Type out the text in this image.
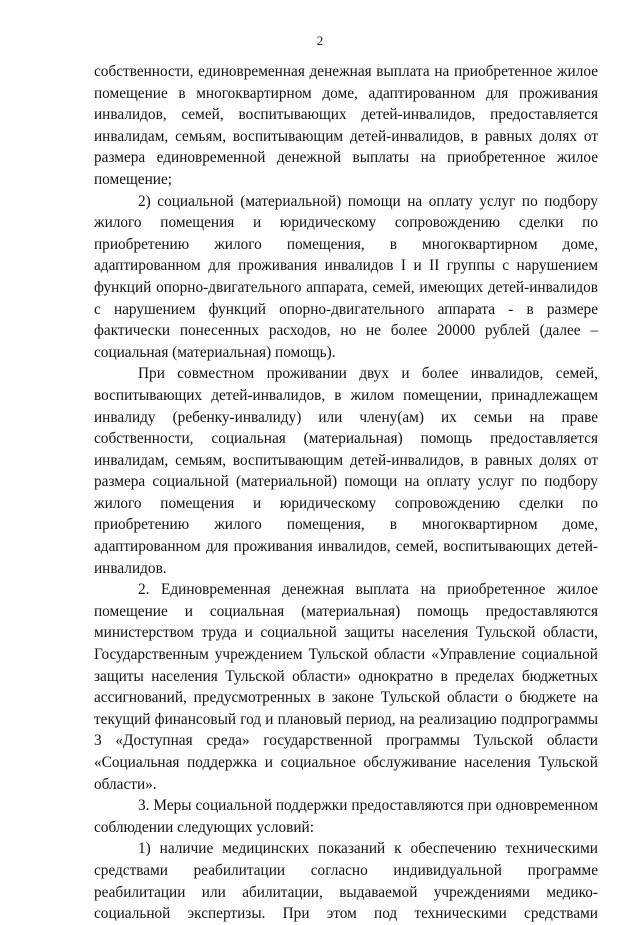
2

собственности, единовременная денежная выплата на приобретенное жилое помещение в многоквартирном доме, адаптированном для проживания инвалидов, семей, воспитывающих детей-инвалидов, предоставляется инвалидам, семьям, воспитывающим детей-инвалидов, в равных долях от размера единовременной денежной выплаты на приобретенное жилое помещение;

2) социальной (материальной) помощи на оплату услуг по подбору жилого помещения и юридическому сопровождению сделки по приобретению жилого помещения, в многоквартирном доме, адаптированном для проживания инвалидов I и II группы с нарушением функций опорно-двигательного аппарата, семей, имеющих детей-инвалидов с нарушением функций опорно-двигательного аппарата - в размере фактически понесенных расходов, но не более 20000 рублей (далее – социальная (материальная) помощь).

При совместном проживании двух и более инвалидов, семей, воспитывающих детей-инвалидов, в жилом помещении, принадлежащем инвалиду (ребенку-инвалиду) или члену(ам) их семьи на праве собственности, социальная (материальная) помощь предоставляется инвалидам, семьям, воспитывающим детей-инвалидов, в равных долях от размера социальной (материальной) помощи на оплату услуг по подбору жилого помещения и юридическому сопровождению сделки по приобретению жилого помещения, в многоквартирном доме, адаптированном для проживания инвалидов, семей, воспитывающих детей-инвалидов.

2. Единовременная денежная выплата на приобретенное жилое помещение и социальная (материальная) помощь предоставляются министерством труда и социальной защиты населения Тульской области, Государственным учреждением Тульской области «Управление социальной защиты населения Тульской области» однократно в пределах бюджетных ассигнований, предусмотренных в законе Тульской области о бюджете на текущий финансовый год и плановый период, на реализацию подпрограммы 3 «Доступная среда» государственной программы Тульской области «Социальная поддержка и социальное обслуживание населения Тульской области».

3. Меры социальной поддержки предоставляются при одновременном соблюдении следующих условий:

1) наличие медицинских показаний к обеспечению техническими средствами реабилитации согласно индивидуальной программе реабилитации или абилитации, выдаваемой учреждениями медико-социальной экспертизы. При этом под техническими средствами
